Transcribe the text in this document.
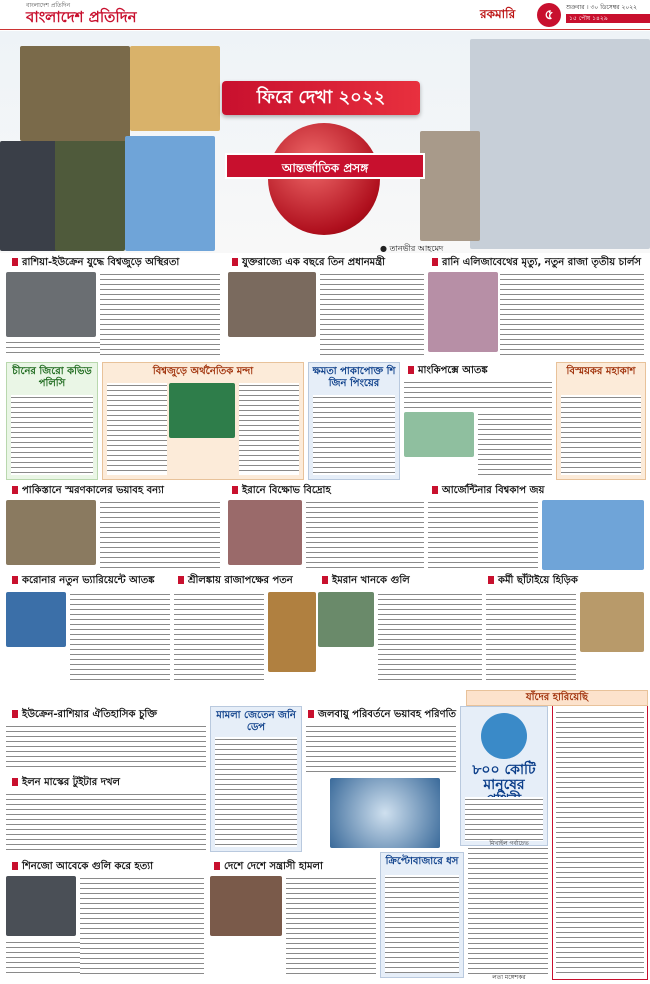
বাংলাদেশ প্রতিদিন
বাংলাদেশ প্রতিদিন	রকমারি	৫	শুক্রবার । ৩০ ডিসেম্বর ২০২২
১৫ পৌষ ১৪২৯
ফিরে দেখা ২০২২
আন্তর্জাতিক প্রসঙ্গ
● তানভীর আহমেদ
রাশিয়া-ইউক্রেন যুদ্ধে বিশ্বজুড়ে অস্থিরতা	যুক্তরাজ্যে এক বছরে তিন প্রধানমন্ত্রী	রানি এলিজাবেথের মৃত্যু, নতুন রাজা তৃতীয় চার্লস
চীনের জিরো কভিড পলিসি
বিশ্বজুড়ে অর্থনৈতিক মন্দা	ক্ষমতা পাকাপোক্ত শি জিন পিংয়ের
মাংকিপক্সে আতঙ্ক	বিস্ময়কর মহাকাশ
পাকিস্তানে স্মরণকালের ভয়াবহ বন্যা	ইরানে বিক্ষোভ বিদ্রোহ	আর্জেন্টিনার বিশ্বকাপ জয়
করোনার নতুন ভ্যারিয়েন্টে আতঙ্ক	শ্রীলঙ্কায় রাজাপক্ষের পতন	ইমরান খানকে গুলি	কর্মী ছাঁটাইয়ে হিড়িক
ইউক্রেন-রাশিয়ার ঐতিহাসিক চুক্তি	মামলা জেতেন জনি ডেপ
জলবায়ু পরিবর্তনে ভয়াবহ পরিণতি
৮০০ কোটি মানুষের
যাঁদের হারিয়েছি
ইলন মাস্কের টুইটার দখল
ক্রিপ্টোবাজারে ধস
শিনজো আবেকে গুলি করে হত্যা	দেশে দেশে সন্ত্রাসী হামলা
মিখাইল গর্বাচেভ
লতা মঙ্গেশকর
